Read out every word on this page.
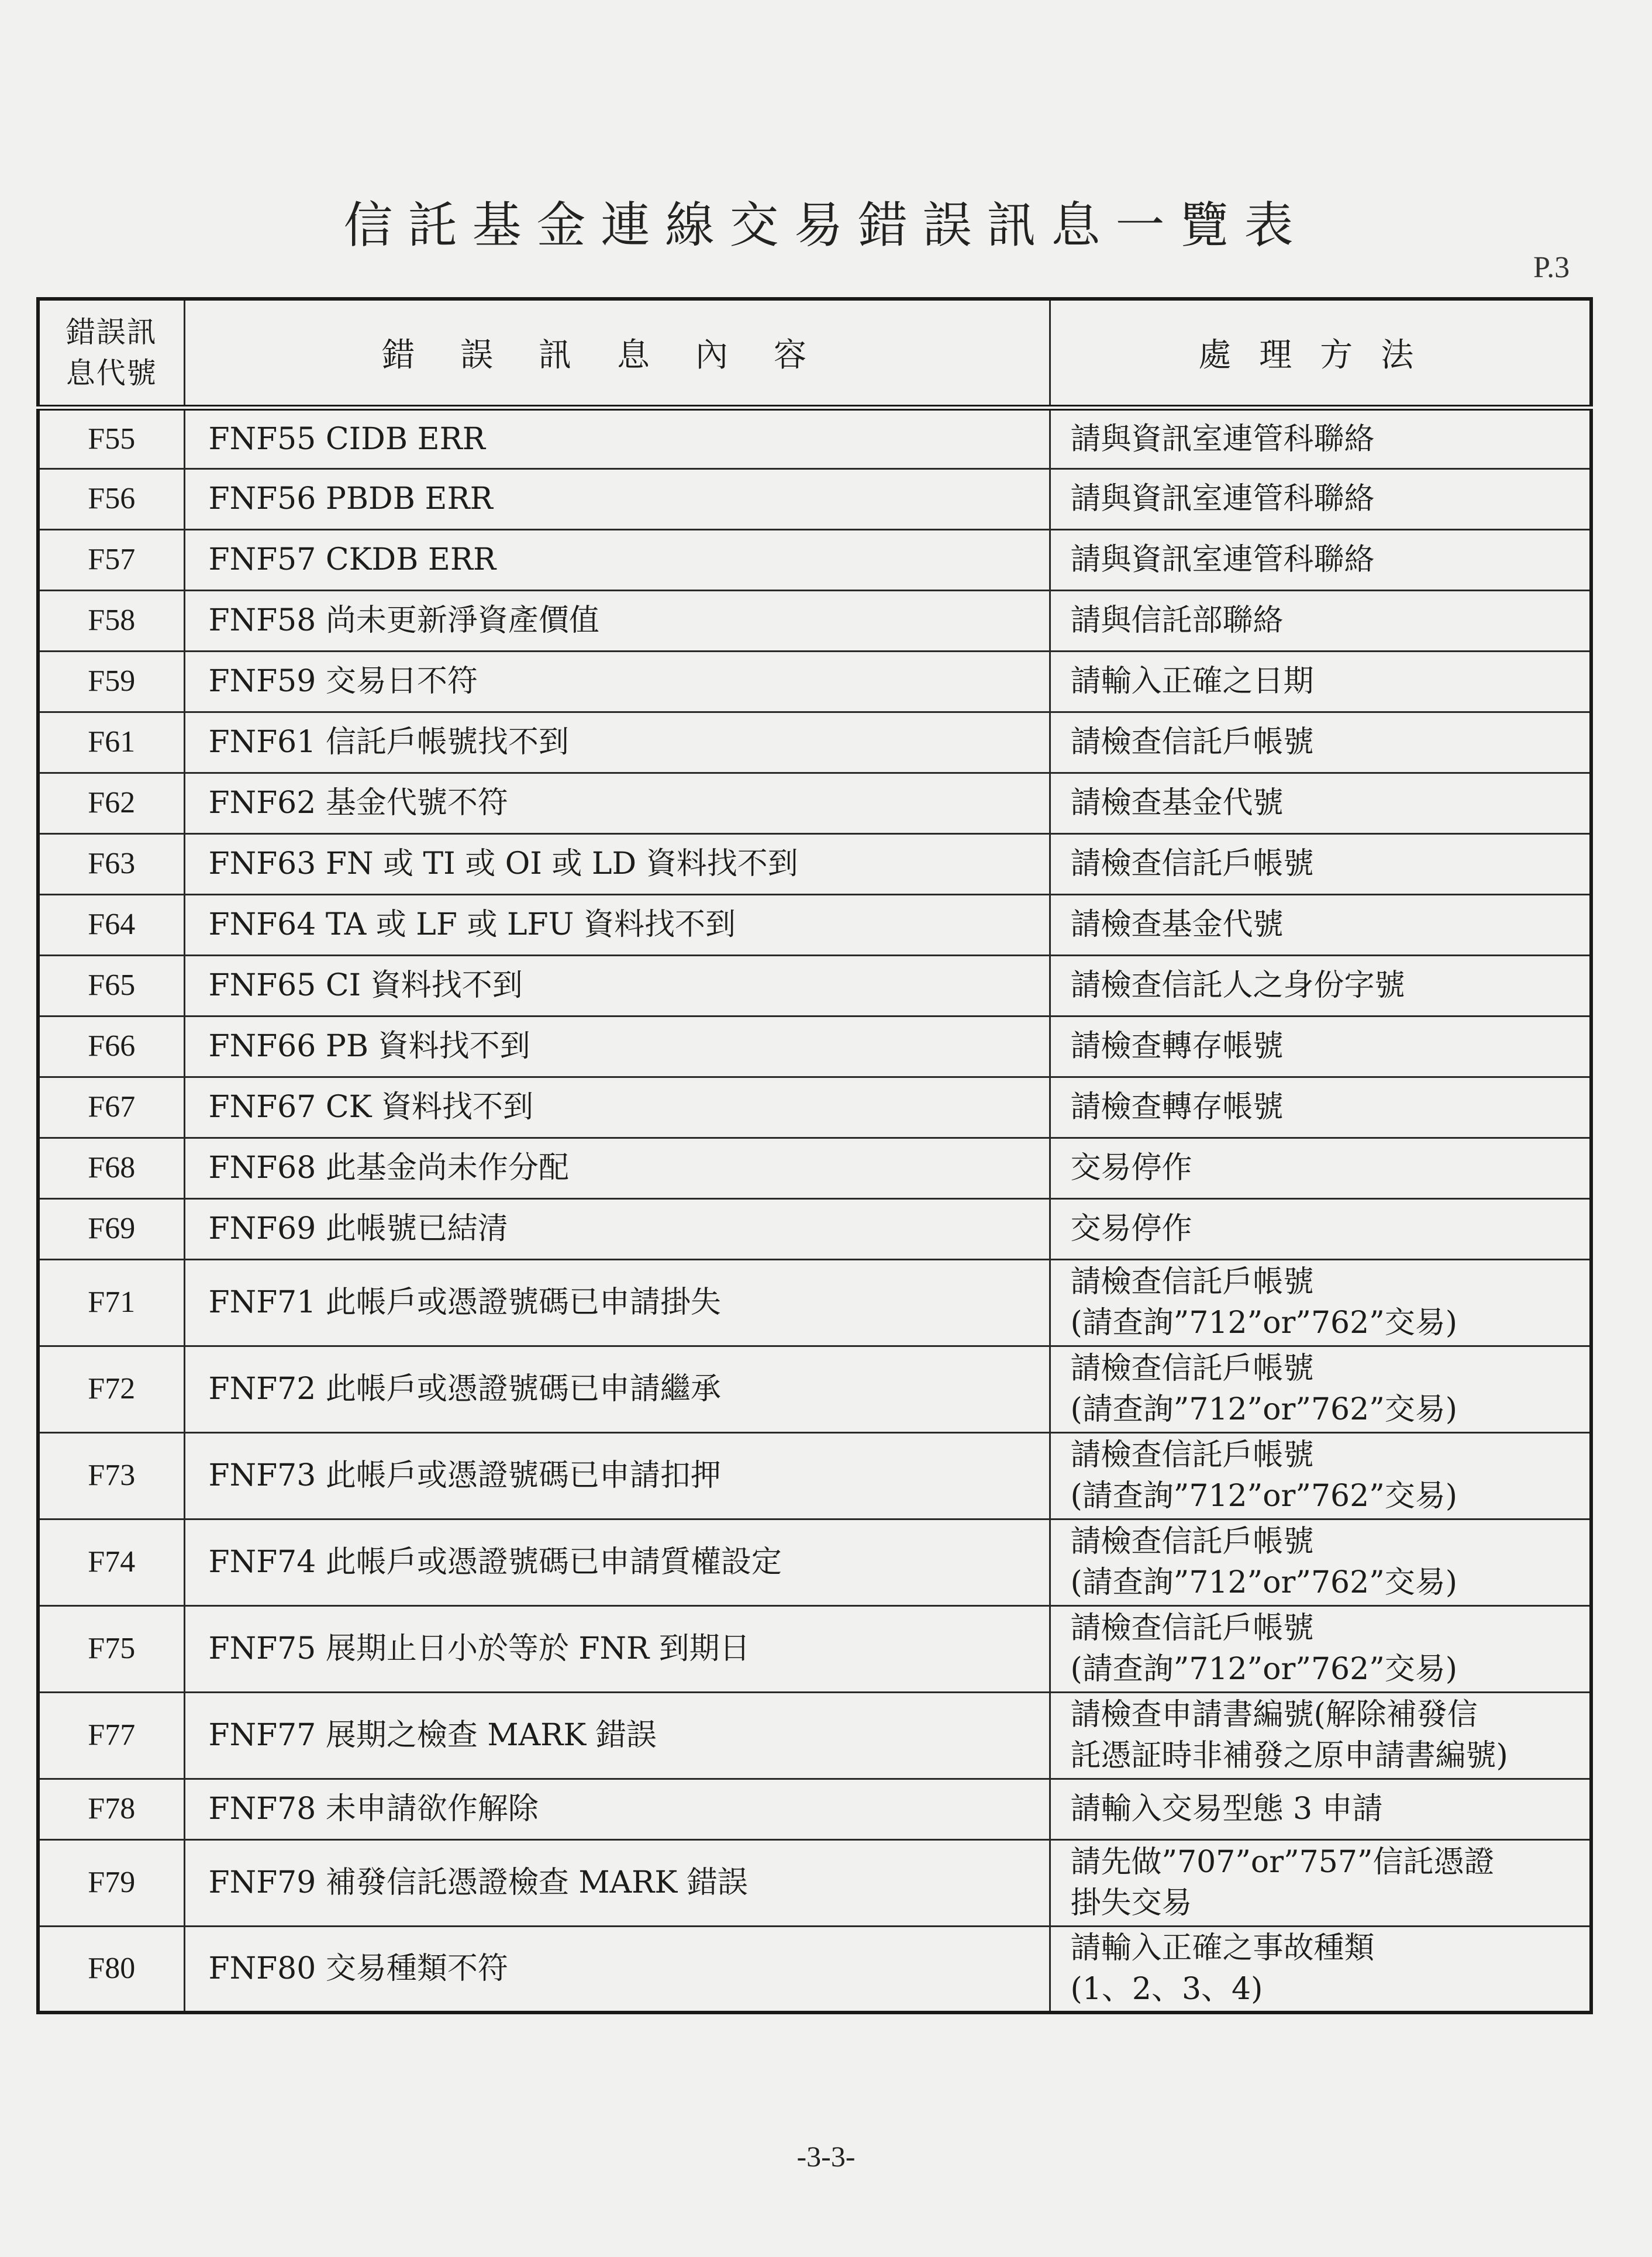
信託基金連線交易錯誤訊息一覽表
P.3
錯誤訊息代號	錯誤訊息內容	處理方法
F55	FNF55 CIDB ERR	請與資訊室連管科聯絡

F56	FNF56 PBDB ERR	請與資訊室連管科聯絡

F57	FNF57 CKDB ERR	請與資訊室連管科聯絡

F58	FNF58 尚未更新淨資產價值	請與信託部聯絡

F59	FNF59 交易日不符	請輸入正確之日期

F61	FNF61 信託戶帳號找不到	請檢查信託戶帳號

F62	FNF62 基金代號不符	請檢查基金代號

F63	FNF63 FN 或 TI 或 OI 或 LD 資料找不到	請檢查信託戶帳號

F64	FNF64 TA 或 LF 或 LFU 資料找不到	請檢查基金代號

F65	FNF65 CI 資料找不到	請檢查信託人之身份字號

F66	FNF66 PB 資料找不到	請檢查轉存帳號

F67	FNF67 CK 資料找不到	請檢查轉存帳號

F68	FNF68 此基金尚未作分配	交易停作

F69	FNF69 此帳號已結清	交易停作

F71	FNF71 此帳戶或憑證號碼已申請掛失	請檢查信託戶帳號
(請查詢”712”or”762”交易)

F72	FNF72 此帳戶或憑證號碼已申請繼承	請檢查信託戶帳號
(請查詢”712”or”762”交易)

F73	FNF73 此帳戶或憑證號碼已申請扣押	請檢查信託戶帳號
(請查詢”712”or”762”交易)

F74	FNF74 此帳戶或憑證號碼已申請質權設定	請檢查信託戶帳號
(請查詢”712”or”762”交易)

F75	FNF75 展期止日小於等於 FNR 到期日	請檢查信託戶帳號
(請查詢”712”or”762”交易)

F77	FNF77 展期之檢查 MARK 錯誤	請檢查申請書編號(解除補發信
託憑証時非補發之原申請書編號)

F78	FNF78 未申請欲作解除	請輸入交易型態 3 申請

F79	FNF79 補發信託憑證檢查 MARK 錯誤	請先做”707”or”757”信託憑證
掛失交易

F80	FNF80 交易種類不符	請輸入正確之事故種類
(1、2、3、4)
-3-3-
